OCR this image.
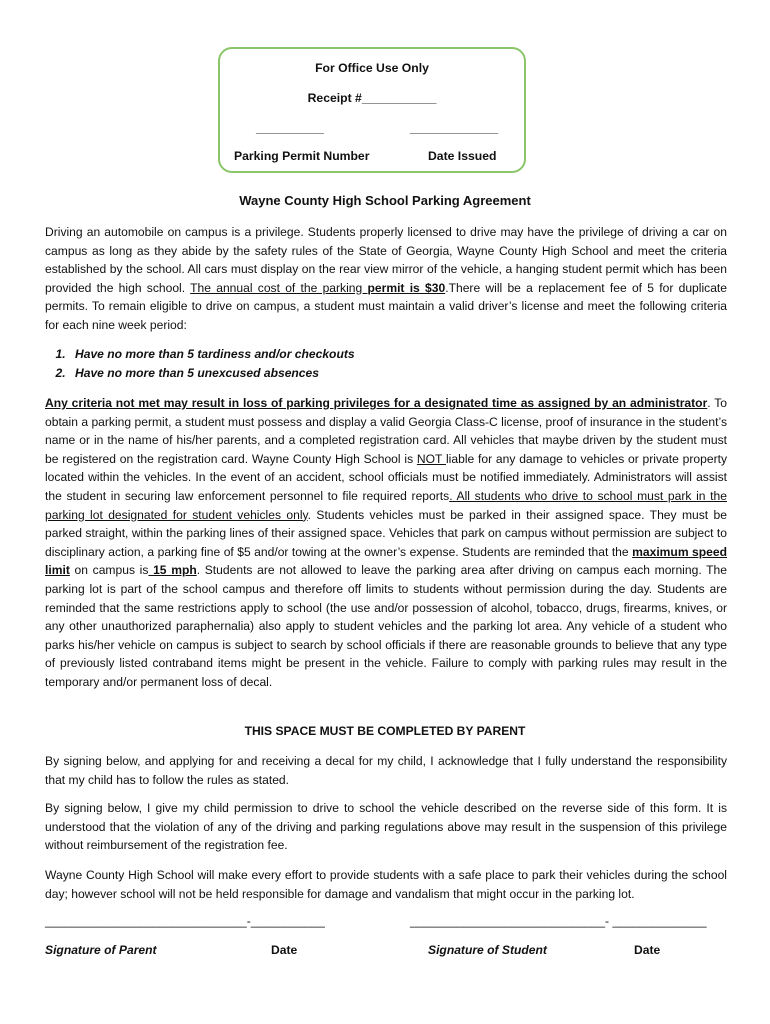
For Office Use Only
Receipt #___________
__________	_____________
Parking Permit Number	Date Issued
Wayne County High School Parking Agreement
Driving an automobile on campus is a privilege. Students properly licensed to drive may have the privilege of driving a car on campus as long as they abide by the safety rules of the State of Georgia, Wayne County High School and meet the criteria established by the school. All cars must display on the rear view mirror of the vehicle, a hanging student permit which has been provided the high school. The annual cost of the parking permit is $30.There will be a replacement fee of 5 for duplicate permits. To remain eligible to drive on campus, a student must maintain a valid driver’s license and meet the following criteria for each nine week period:
1. Have no more than 5 tardiness and/or checkouts
2. Have no more than 5 unexcused absences
Any criteria not met may result in loss of parking privileges for a designated time as assigned by an administrator. To obtain a parking permit, a student must possess and display a valid Georgia Class-C license, proof of insurance in the student’s name or in the name of his/her parents, and a completed registration card. All vehicles that maybe driven by the student must be registered on the registration card. Wayne County High School is NOT liable for any damage to vehicles or private property located within the vehicles. In the event of an accident, school officials must be notified immediately. Administrators will assist the student in securing law enforcement personnel to file required reports. All students who drive to school must park in the parking lot designated for student vehicles only. Students vehicles must be parked in their assigned space. They must be parked straight, within the parking lines of their assigned space. Vehicles that park on campus without permission are subject to disciplinary action, a parking fine of $5 and/or towing at the owner’s expense. Students are reminded that the maximum speed limit on campus is 15 mph. Students are not allowed to leave the parking area after driving on campus each morning. The parking lot is part of the school campus and therefore off limits to students without permission during the day. Students are reminded that the same restrictions apply to school (the use and/or possession of alcohol, tobacco, drugs, firearms, knives, or any other unauthorized paraphernalia) also apply to student vehicles and the parking lot area. Any vehicle of a student who parks his/her vehicle on campus is subject to search by school officials if there are reasonable grounds to believe that any type of previously listed contraband items might be present in the vehicle. Failure to comply with parking rules may result in the temporary and/or permanent loss of decal.
THIS SPACE MUST BE COMPLETED BY PARENT
By signing below, and applying for and receiving a decal for my child, I acknowledge that I fully understand the responsibility that my child has to follow the rules as stated.
By signing below, I give my child permission to drive to school the vehicle described on the reverse side of this form. It is understood that the violation of any of the driving and parking regulations above may result in the suspension of this privilege without reimbursement of the registration fee.
Wayne County High School will make every effort to provide students with a safe place to park their vehicles during the school day; however school will not be held responsible for damage and vandalism that might occur in the parking lot.
______________________________-___________	_____________________________- ______________
Signature of Parent	Date	Signature of Student	Date
